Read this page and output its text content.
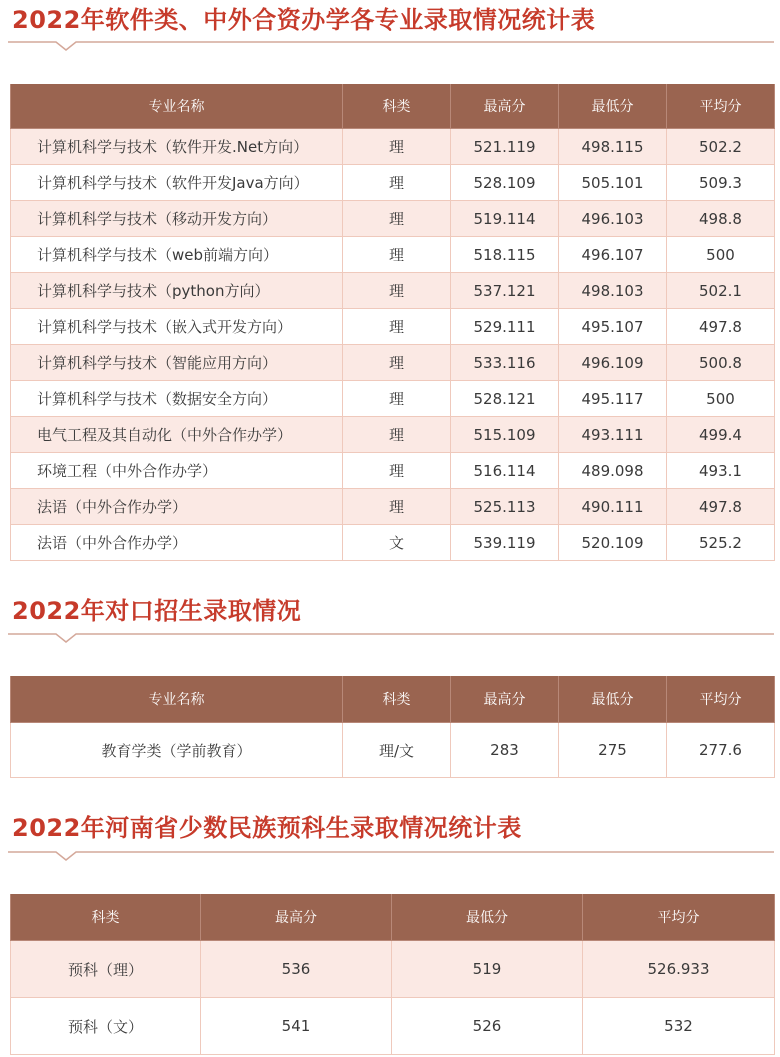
2022年软件类、中外合资办学各专业录取情况统计表
专业名称	科类	最高分	最低分	平均分
计算机科学与技术（软件开发.Net方向）	理	521.119	498.115	502.2
计算机科学与技术（软件开发Java方向）	理	528.109	505.101	509.3
计算机科学与技术（移动开发方向）	理	519.114	496.103	498.8
计算机科学与技术（web前端方向）	理	518.115	496.107	500
计算机科学与技术（python方向）	理	537.121	498.103	502.1
计算机科学与技术（嵌入式开发方向）	理	529.111	495.107	497.8
计算机科学与技术（智能应用方向）	理	533.116	496.109	500.8
计算机科学与技术（数据安全方向）	理	528.121	495.117	500
电气工程及其自动化（中外合作办学）	理	515.109	493.111	499.4
环境工程（中外合作办学）	理	516.114	489.098	493.1
法语（中外合作办学）	理	525.113	490.111	497.8
法语（中外合作办学）	文	539.119	520.109	525.2
2022年对口招生录取情况
专业名称	科类	最高分	最低分	平均分
教育学类（学前教育）	理/文	283	275	277.6
2022年河南省少数民族预科生录取情况统计表
科类	最高分	最低分	平均分
预科（理）	536	519	526.933
预科（文）	541	526	532
